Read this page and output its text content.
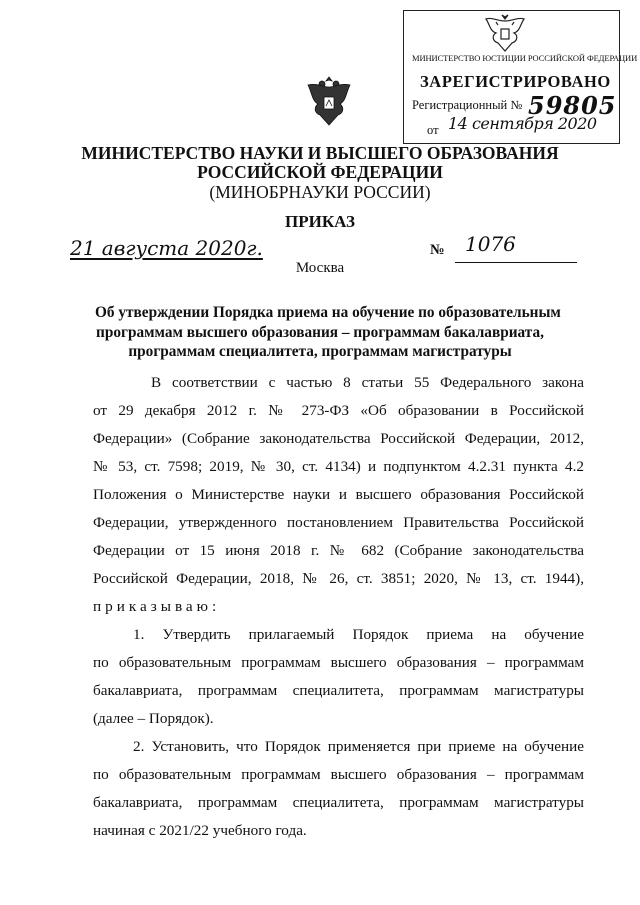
МИНИСТЕРСТВО ЮСТИЦИИ РОССИЙСКОЙ ФЕДЕРАЦИИ
ЗАРЕГИСТРИРОВАНО
Регистрационный № 59805
от 14 сентября 2020
МИНИСТЕРСТВО НАУКИ И ВЫСШЕГО ОБРАЗОВАНИЯ
РОССИЙСКОЙ ФЕДЕРАЦИИ
(МИНОБРНАУКИ РОССИИ)
ПРИКАЗ
21 августа 2020г.	№ 1076
Москва
Об утверждении Порядка приема на обучение по образовательным
программам высшего образования – программам бакалавриата,
программам специалитета, программам магистратуры
В соответствии с частью 8 статьи 55 Федерального закона
от 29 декабря 2012 г. № 273-ФЗ «Об образовании в Российской
Федерации» (Собрание законодательства Российской Федерации, 2012,
№ 53, ст. 7598; 2019, № 30, ст. 4134) и подпунктом 4.2.31 пункта 4.2
Положения о Министерстве науки и высшего образования Российской
Федерации, утвержденного постановлением Правительства Российской
Федерации от 15 июня 2018 г. № 682 (Собрание законодательства
Российской Федерации, 2018, № 26, ст. 3851; 2020, № 13, ст. 1944),
приказываю:
1. Утвердить прилагаемый Порядок приема на обучение
по образовательным программам высшего образования – программам
бакалавриата, программам специалитета, программам магистратуры
(далее – Порядок).
2. Установить, что Порядок применяется при приеме на обучение
по образовательным программам высшего образования – программам
бакалавриата, программам специалитета, программам магистратуры
начиная с 2021/22 учебного года.
